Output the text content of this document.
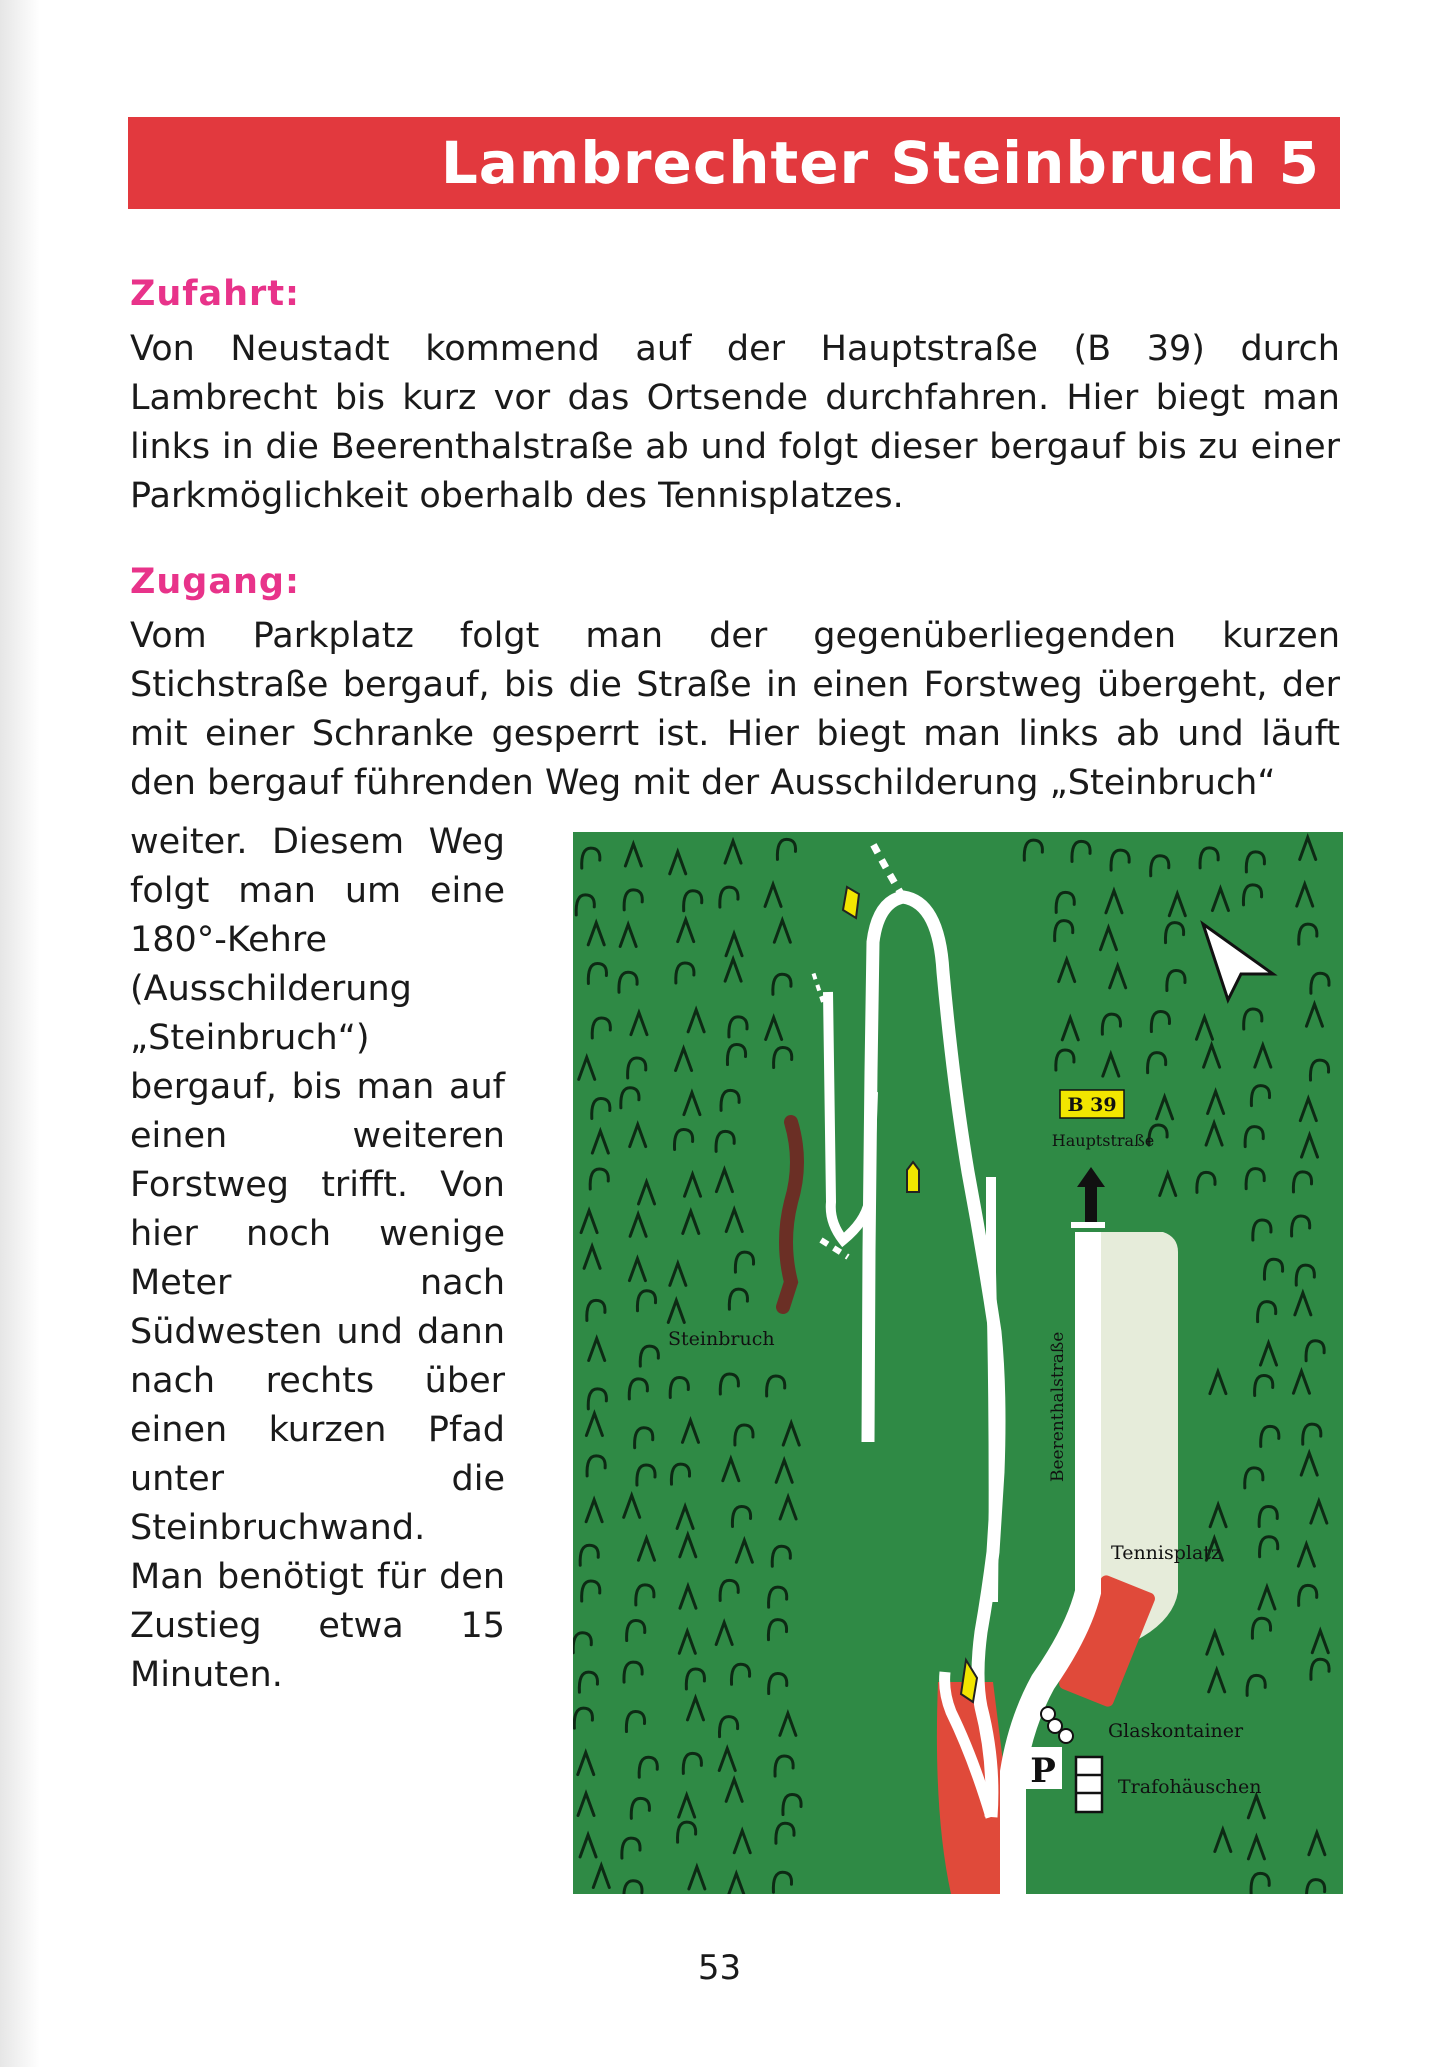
Lambrechter Steinbruch 5
Zufahrt:
Von Neustadt kommend auf der Hauptstraße (B 39) durch Lambrecht bis kurz vor das Ortsende durchfahren. Hier biegt man links in die Beerenthalstraße ab und folgt dieser bergauf bis zu einer Parkmöglichkeit oberhalb des Tennisplatzes.
Zugang:
Vom Parkplatz folgt man der gegenüberliegenden kurzen Stichstraße bergauf, bis die Straße in einen Forstweg übergeht, der mit einer Schranke gesperrt ist. Hier biegt man links ab und läuft den bergauf führenden Weg mit der Ausschilderung „Steinbruch“
weiter. Diesem Weg folgt man um eine 180°-Kehre (Ausschilderung „Steinbruch“) bergauf, bis man auf einen weiteren Forstweg trifft. Von hier noch wenige Meter nach Südwesten und dann nach rechts über einen kurzen Pfad unter die Steinbruchwand. Man benötigt für den Zustieg etwa 15 Minuten.
B 39
Hauptstraße
Beerenthalstraße
Steinbruch
Tennisplatz
Glaskontainer
Trafohäuschen
P
53
